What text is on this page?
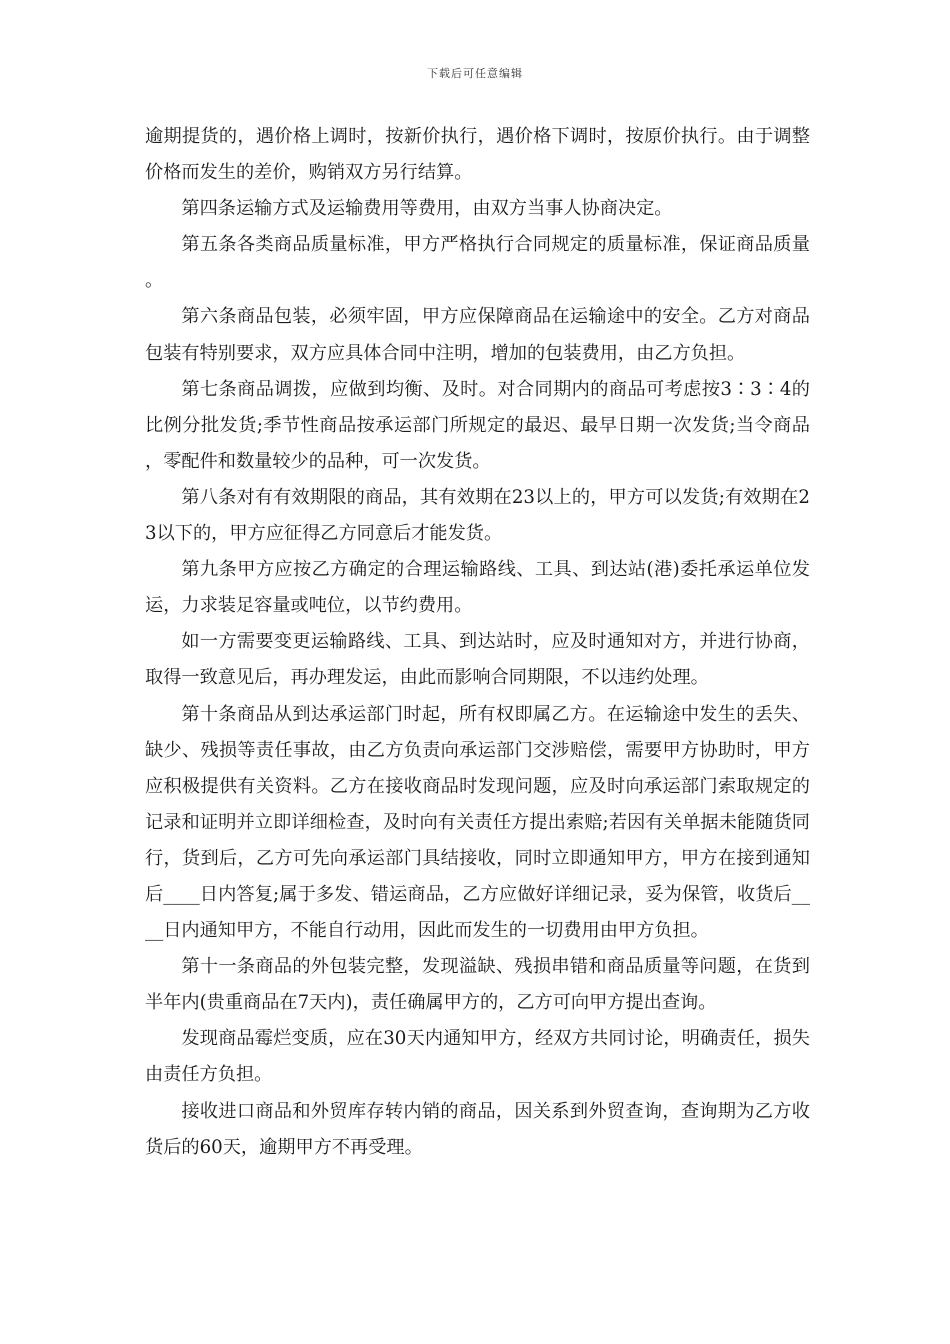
下载后可任意编辑

逾期提货的，遇价格上调时，按新价执行，遇价格下调时，按原价执行。由于调整价格而发生的差价，购销双方另行结算。

第四条运输方式及运输费用等费用，由双方当事人协商决定。

第五条各类商品质量标准，甲方严格执行合同规定的质量标准，保证商品质量。

第六条商品包装，必须牢固，甲方应保障商品在运输途中的安全。乙方对商品包装有特别要求，双方应具体合同中注明，增加的包装费用，由乙方负担。

第七条商品调拨，应做到均衡、及时。对合同期内的商品可考虑按3∶3∶4的比例分批发货;季节性商品按承运部门所规定的最迟、最早日期一次发货;当令商品，零配件和数量较少的品种，可一次发货。

第八条对有有效期限的商品，其有效期在23以上的，甲方可以发货;有效期在23以下的，甲方应征得乙方同意后才能发货。

第九条甲方应按乙方确定的合理运输路线、工具、到达站(港)委托承运单位发运，力求装足容量或吨位，以节约费用。

如一方需要变更运输路线、工具、到达站时，应及时通知对方，并进行协商，取得一致意见后，再办理发运，由此而影响合同期限，不以违约处理。

第十条商品从到达承运部门时起，所有权即属乙方。在运输途中发生的丢失、缺少、残损等责任事故，由乙方负责向承运部门交涉赔偿，需要甲方协助时，甲方应积极提供有关资料。乙方在接收商品时发现问题，应及时向承运部门索取规定的记录和证明并立即详细检查，及时向有关责任方提出索赔;若因有关单据未能随货同行，货到后，乙方可先向承运部门具结接收，同时立即通知甲方，甲方在接到通知后____日内答复;属于多发、错运商品，乙方应做好详细记录，妥为保管，收货后____日内通知甲方，不能自行动用，因此而发生的一切费用由甲方负担。

第十一条商品的外包装完整，发现溢缺、残损串错和商品质量等问题，在货到半年内(贵重商品在7天内)，责任确属甲方的，乙方可向甲方提出查询。

发现商品霉烂变质，应在30天内通知甲方，经双方共同讨论，明确责任，损失由责任方负担。

接收进口商品和外贸库存转内销的商品，因关系到外贸查询，查询期为乙方收货后的60天，逾期甲方不再受理。
